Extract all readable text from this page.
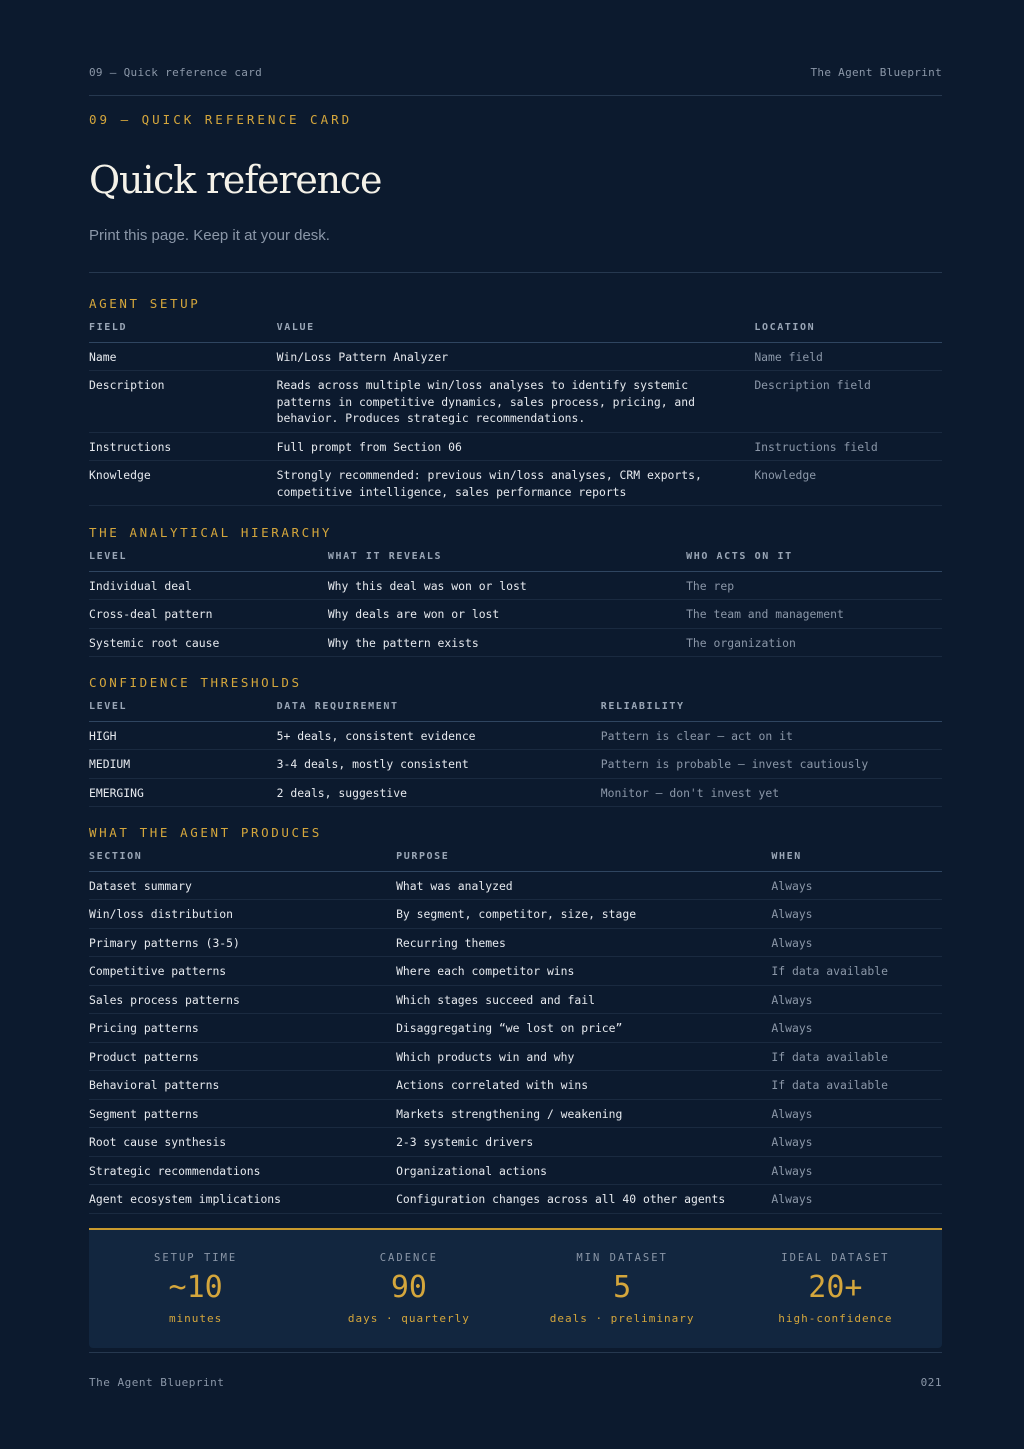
09 — Quick reference card	The Agent Blueprint
09 — QUICK REFERENCE CARD
Quick reference
Print this page. Keep it at your desk.
AGENT SETUP
FIELD	VALUE	LOCATION

Name	Win/Loss Pattern Analyzer	Name field

Description	Reads across multiple win/loss analyses to identify systemic patterns in competitive dynamics, sales process, pricing, and behavior. Produces strategic recommendations.	Description field

Instructions	Full prompt from Section 06	Instructions field

Knowledge	Strongly recommended: previous win/loss analyses, CRM exports, competitive intelligence, sales performance reports	Knowledge
THE ANALYTICAL HIERARCHY
LEVEL	WHAT IT REVEALS	WHO ACTS ON IT

Individual deal	Why this deal was won or lost	The rep

Cross-deal pattern	Why deals are won or lost	The team and management

Systemic root cause	Why the pattern exists	The organization
CONFIDENCE THRESHOLDS
LEVEL	DATA REQUIREMENT	RELIABILITY

HIGH	5+ deals, consistent evidence	Pattern is clear — act on it

MEDIUM	3-4 deals, mostly consistent	Pattern is probable — invest cautiously

EMERGING	2 deals, suggestive	Monitor — don't invest yet
WHAT THE AGENT PRODUCES
SECTION	PURPOSE	WHEN

Dataset summary	What was analyzed	Always

Win/loss distribution	By segment, competitor, size, stage	Always

Primary patterns (3-5)	Recurring themes	Always

Competitive patterns	Where each competitor wins	If data available

Sales process patterns	Which stages succeed and fail	Always

Pricing patterns	Disaggregating “we lost on price”	Always

Product patterns	Which products win and why	If data available

Behavioral patterns	Actions correlated with wins	If data available

Segment patterns	Markets strengthening / weakening	Always

Root cause synthesis	2-3 systemic drivers	Always

Strategic recommendations	Organizational actions	Always

Agent ecosystem implications	Configuration changes across all 40 other agents	Always
SETUP TIME
~10
minutes
CADENCE
90
days · quarterly
MIN DATASET
5
deals · preliminary
IDEAL DATASET
20+
high-confidence
The Agent Blueprint	021
